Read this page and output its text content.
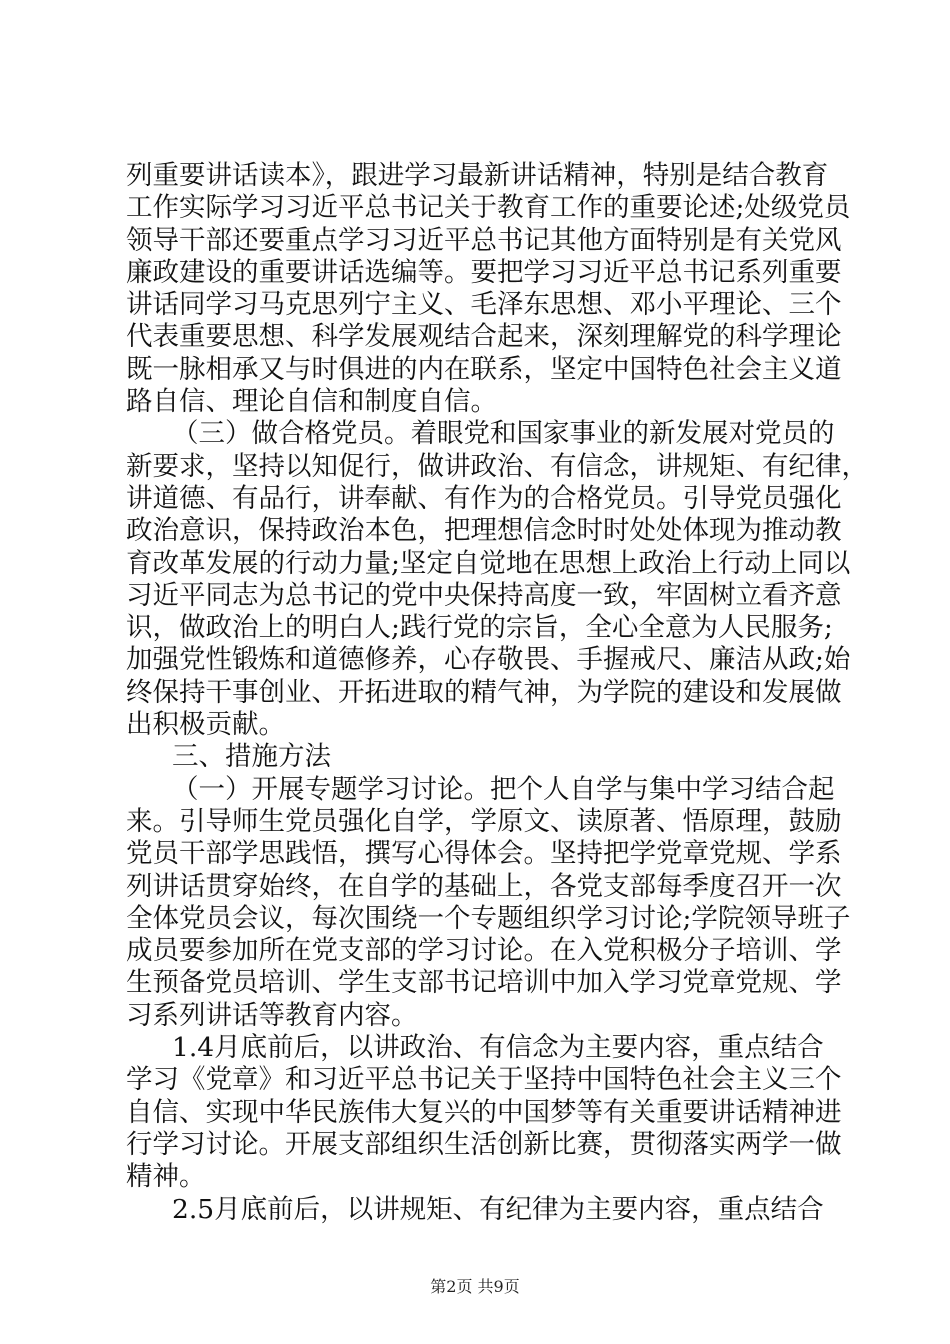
列重要讲话读本》，跟进学习最新讲话精神，特别是结合教育
工作实际学习习近平总书记关于教育工作的重要论述;处级党员
领导干部还要重点学习习近平总书记其他方面特别是有关党风
廉政建设的重要讲话选编等。要把学习习近平总书记系列重要
讲话同学习马克思列宁主义、毛泽东思想、邓小平理论、三个
代表重要思想、科学发展观结合起来，深刻理解党的科学理论
既一脉相承又与时俱进的内在联系，坚定中国特色社会主义道
路自信、理论自信和制度自信。
（三）做合格党员。着眼党和国家事业的新发展对党员的
新要求，坚持以知促行，做讲政治、有信念，讲规矩、有纪律，
讲道德、有品行，讲奉献、有作为的合格党员。引导党员强化
政治意识，保持政治本色，把理想信念时时处处体现为推动教
育改革发展的行动力量;坚定自觉地在思想上政治上行动上同以
习近平同志为总书记的党中央保持高度一致，牢固树立看齐意
识，做政治上的明白人;践行党的宗旨，全心全意为人民服务;
加强党性锻炼和道德修养，心存敬畏、手握戒尺、廉洁从政;始
终保持干事创业、开拓进取的精气神，为学院的建设和发展做
出积极贡献。
三、措施方法
（一）开展专题学习讨论。把个人自学与集中学习结合起
来。引导师生党员强化自学，学原文、读原著、悟原理，鼓励
党员干部学思践悟，撰写心得体会。坚持把学党章党规、学系
列讲话贯穿始终，在自学的基础上，各党支部每季度召开一次
全体党员会议，每次围绕一个专题组织学习讨论;学院领导班子
成员要参加所在党支部的学习讨论。在入党积极分子培训、学
生预备党员培训、学生支部书记培训中加入学习党章党规、学
习系列讲话等教育内容。
1.4月底前后，以讲政治、有信念为主要内容，重点结合
学习《党章》和习近平总书记关于坚持中国特色社会主义三个
自信、实现中华民族伟大复兴的中国梦等有关重要讲话精神进
行学习讨论。开展支部组织生活创新比赛，贯彻落实两学一做
精神。
2.5月底前后，以讲规矩、有纪律为主要内容，重点结合
第2页 共9页
